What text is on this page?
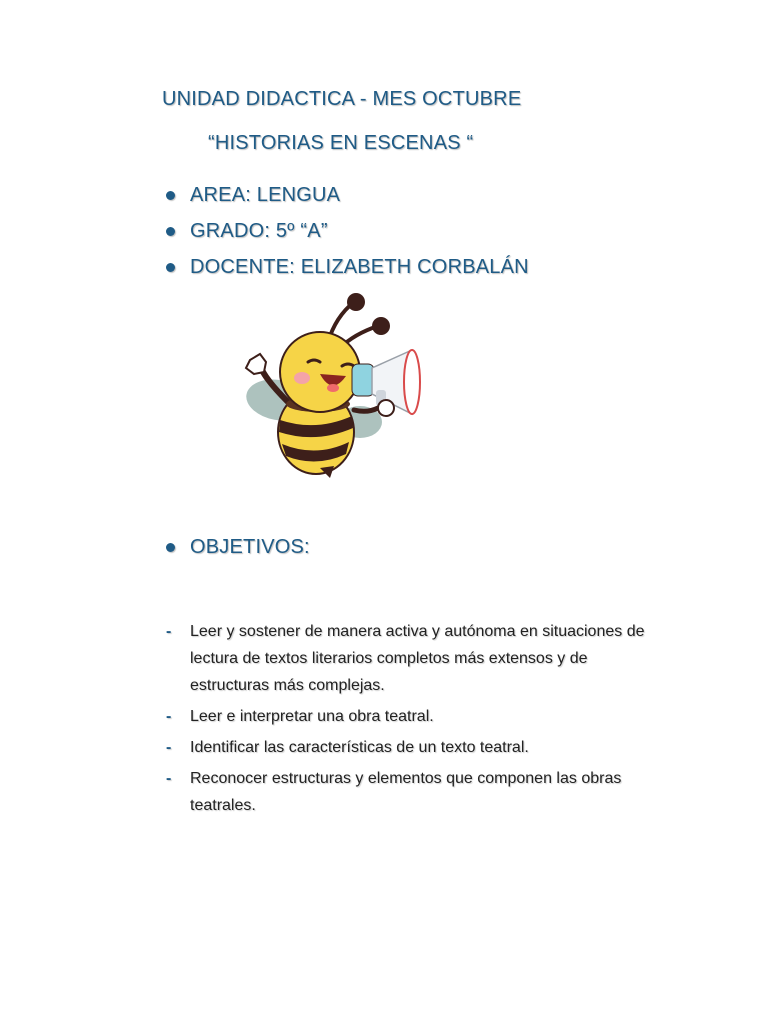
UNIDAD DIDACTICA - MES OCTUBRE
“HISTORIAS EN ESCENAS “
AREA: LENGUA
GRADO: 5º “A”
DOCENTE: ELIZABETH CORBALÁN
OBJETIVOS:
-	Leer y sostener de manera activa y autónoma en situaciones de lectura de textos literarios completos más extensos y de estructuras más complejas.
-	Leer e interpretar una obra teatral.
-	Identificar las características de un texto teatral.
-	Reconocer estructuras y elementos que componen las obras teatrales.
